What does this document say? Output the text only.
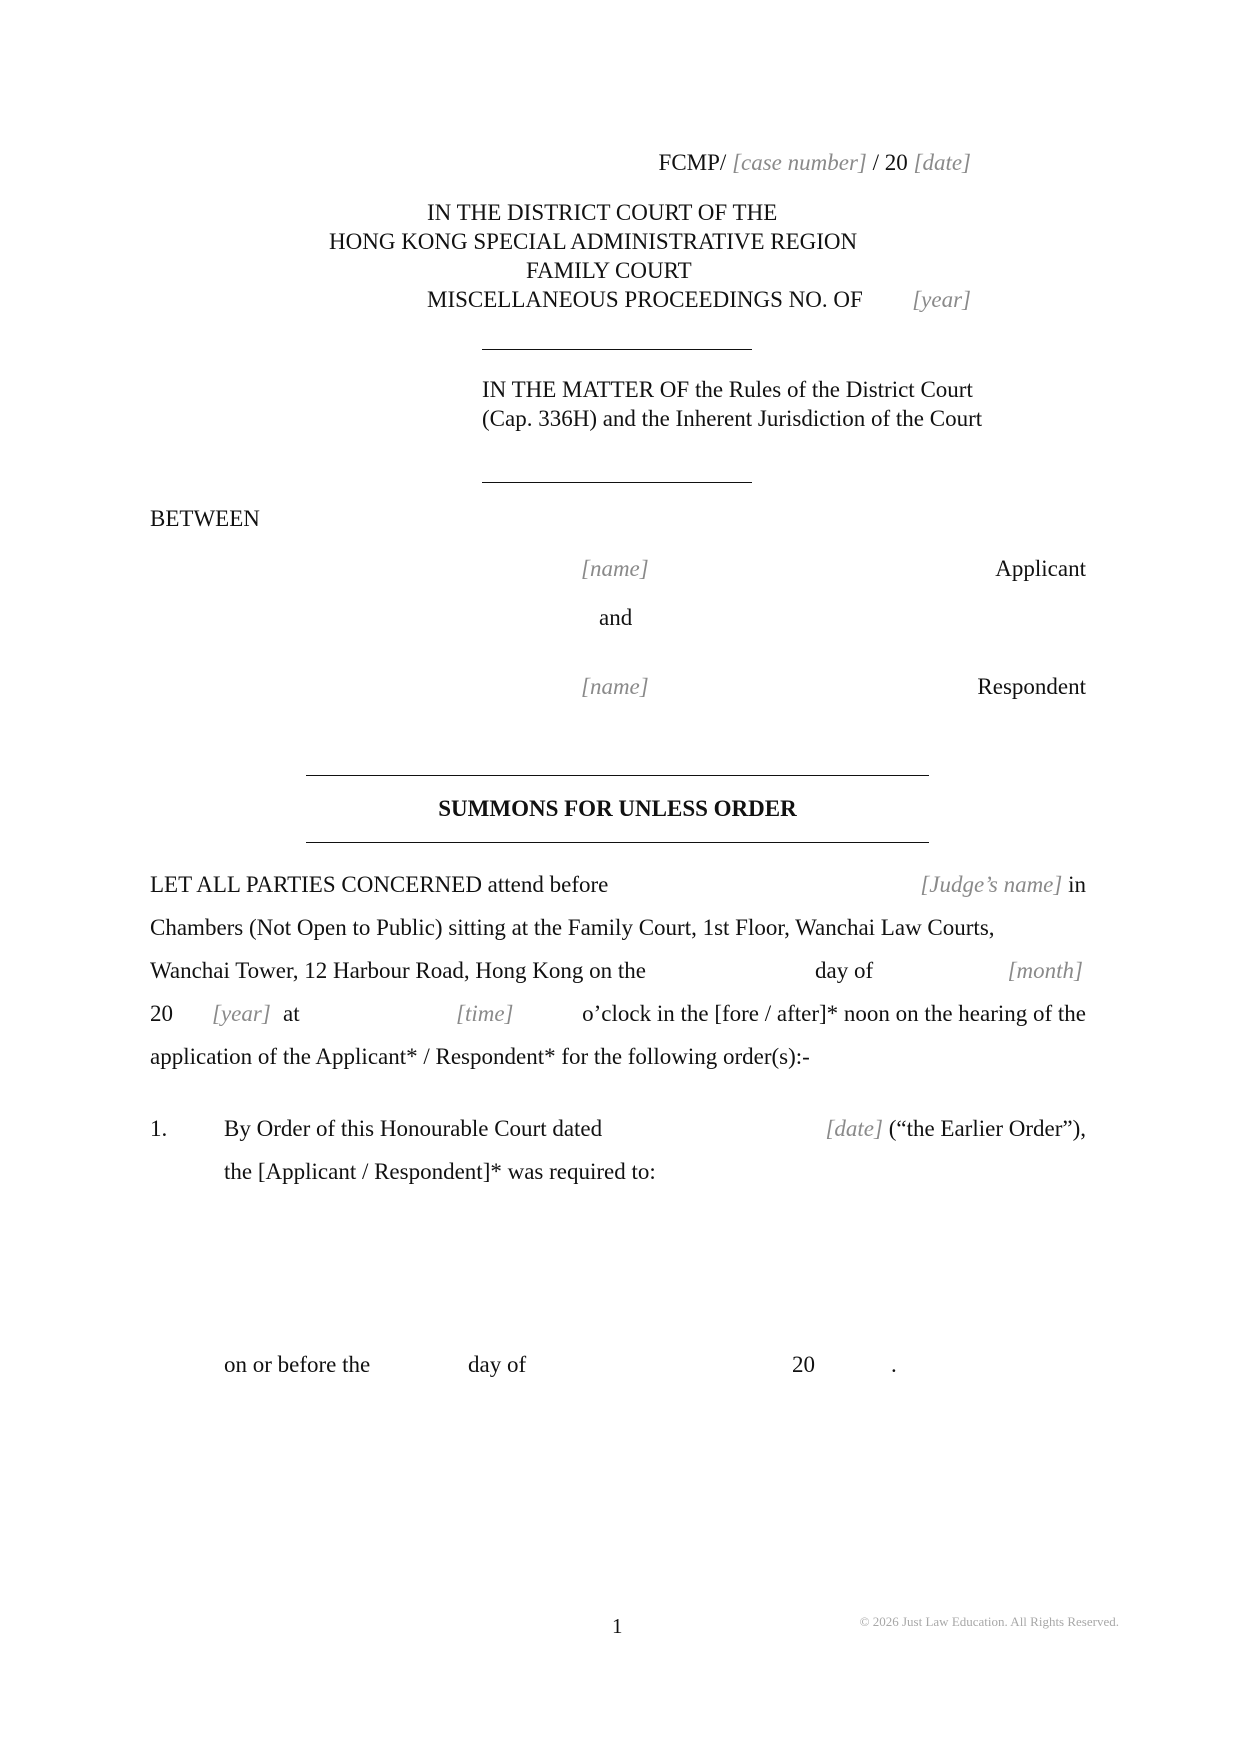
FCMP/ [case number] / 20 [date]
IN THE DISTRICT COURT OF THE
HONG KONG SPECIAL ADMINISTRATIVE REGION
FAMILY COURT
MISCELLANEOUS PROCEEDINGS NO. OF [year]
IN THE MATTER OF the Rules of the District Court
(Cap. 336H) and the Inherent Jurisdiction of the Court
BETWEEN
[name]	Applicant
and
[name]	Respondent
SUMMONS FOR UNLESS ORDER
LET ALL PARTIES CONCERNED attend before	[Judge’s name] in
Chambers (Not Open to Public) sitting at the Family Court, 1st Floor, Wanchai Law Courts,
Wanchai Tower, 12 Harbour Road, Hong Kong on the	day of	[month]
20 [year] at	[time]	o’clock in the [fore / after]* noon on the hearing of the
application of the Applicant* / Respondent* for the following order(s):-
1. By Order of this Honourable Court dated	[date] (“the Earlier Order”),
the [Applicant / Respondent]* was required to:
on or before the	day of	20	.
1	© 2026 Just Law Education. All Rights Reserved.
